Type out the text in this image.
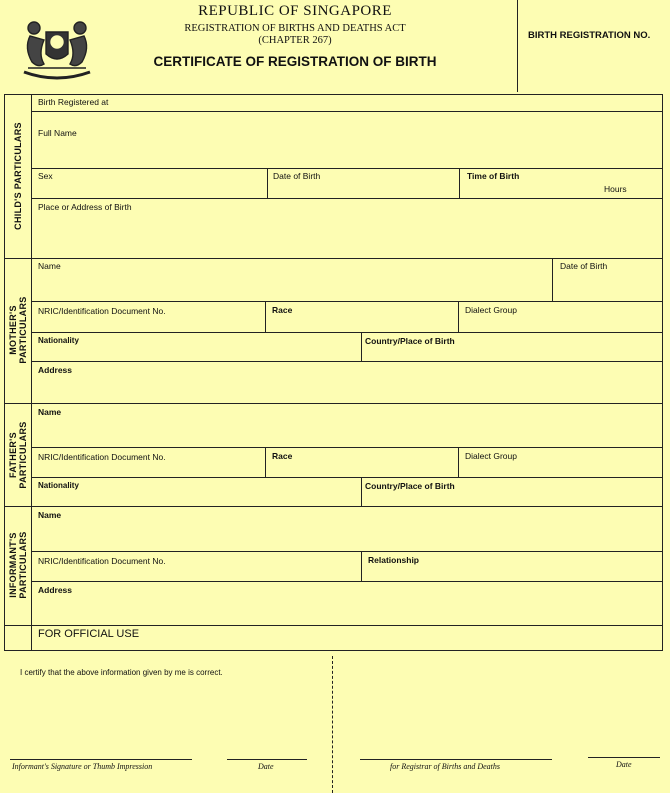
REPUBLIC OF SINGAPORE
REGISTRATION OF BIRTHS AND DEATHS ACT
(CHAPTER 267)
CERTIFICATE OF REGISTRATION OF BIRTH
BIRTH REGISTRATION NO.
CHILD'S PARTICULARS
MOTHER'S PARTICULARS
FATHER'S PARTICULARS
INFORMANT'S PARTICULARS
Birth Registered at
Full Name
Sex	Date of Birth	Time of Birth
Hours
Place or Address of Birth
Name	Date of Birth
NRIC/Identification Document No.	Race	Dialect Group
Nationality	Country/Place of Birth
Address
Name
NRIC/Identification Document No.	Race	Dialect Group
Nationality	Country/Place of Birth
Name
NRIC/Identification Document No.	Relationship
Address
FOR OFFICIAL USE
I certify that the above information given by me is correct.
Informant's Signature or Thumb Impression	Date	for Registrar of Births and Deaths	Date
